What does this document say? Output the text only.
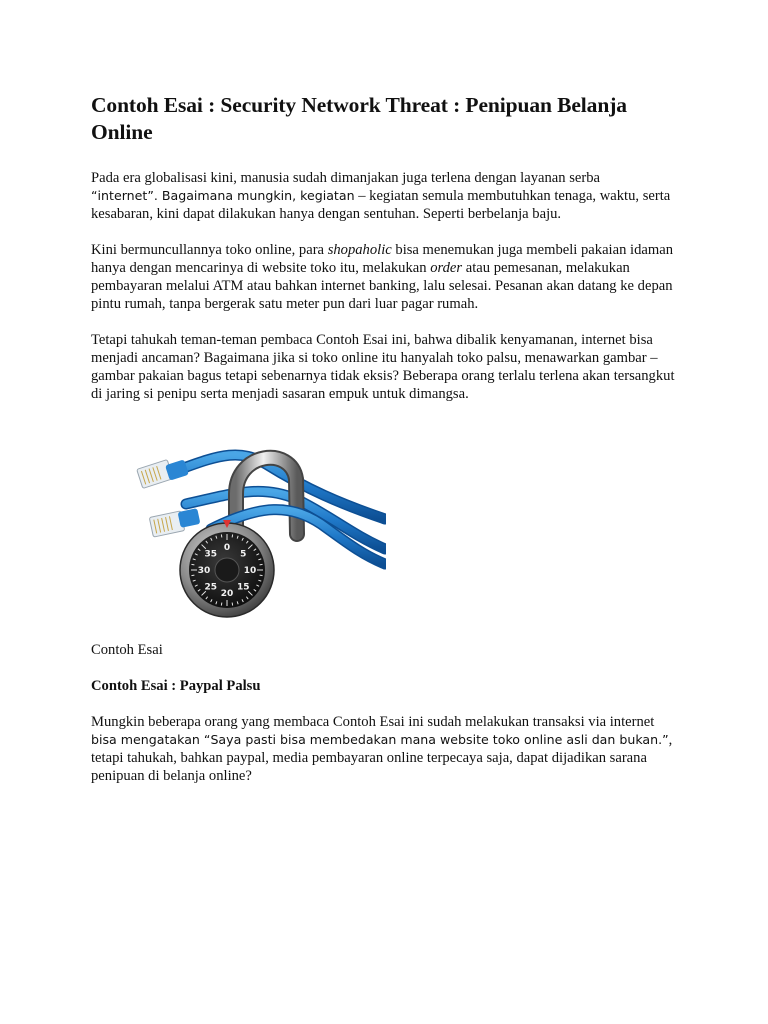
Contoh Esai : Security Network Threat : Penipuan Belanja Online

Pada era globalisasi kini, manusia sudah dimanjakan juga terlena dengan layanan serba
“internet”. Bagaimana mungkin, kegiatan – kegiatan semula membutuhkan tenaga, waktu, serta kesabaran, kini dapat dilakukan hanya dengan sentuhan. Seperti berbelanja baju.

Kini bermuncullannya toko online, para shopaholic bisa menemukan juga membeli pakaian idaman hanya dengan mencarinya di website toko itu, melakukan order atau pemesanan, melakukan pembayaran melalui ATM atau bahkan internet banking, lalu selesai. Pesanan akan datang ke depan pintu rumah, tanpa bergerak satu meter pun dari luar pagar rumah.

Tetapi tahukah teman-teman pembaca Contoh Esai ini, bahwa dibalik kenyamanan, internet bisa menjadi ancaman? Bagaimana jika si toko online itu hanyalah toko palsu, menawarkan gambar – gambar pakaian bagus tetapi sebenarnya tidak eksis? Beberapa orang terlalu terlena akan tersangkut di jaring si penipu serta menjadi sasaran empuk untuk dimangsa.

0
5
10
15
20
25
30
35

Contoh Esai

Contoh Esai : Paypal Palsu

Mungkin beberapa orang yang membaca Contoh Esai ini sudah melakukan transaksi via internet
bisa mengatakan “Saya pasti bisa membedakan mana website toko online asli dan bukan.”, tetapi tahukah, bahkan paypal, media pembayaran online terpecaya saja, dapat dijadikan sarana penipuan di belanja online?
